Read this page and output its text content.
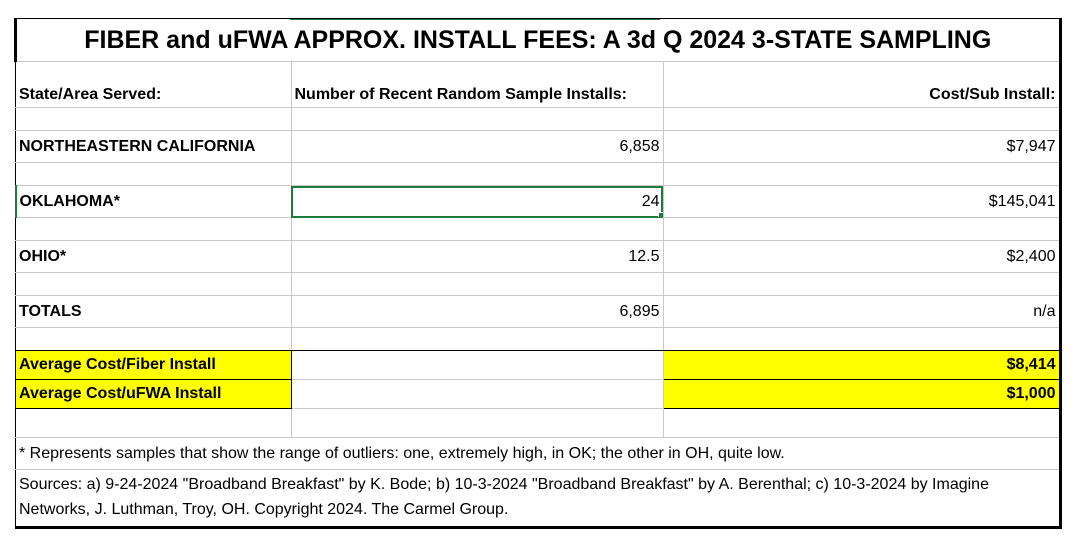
FIBER and uFWA APPROX. INSTALL FEES: A 3d Q 2024 3-STATE SAMPLING		
State/Area Served:	Number of Recent Random Sample Installs:	Cost/Sub Install:

NORTHEASTERN CALIFORNIA	6,858	$7,947

OKLAHOMA*	24	$145,041

OHIO*	12.5	$2,400

TOTALS	6,895	n/a

Average Cost/Fiber Install		$8,414
Average Cost/uFWA Install		$1,000

* Represents samples that show the range of outliers: one, extremely high, in OK; the other in OH, quite low.		
Sources: a) 9-24-2024 "Broadband Breakfast" by K. Bode; b) 10-3-2024 "Broadband Breakfast" by A. Berenthal; c) 10-3-2024 by Imagine Networks, J. Luthman, Troy, OH. Copyright 2024. The Carmel Group.		
